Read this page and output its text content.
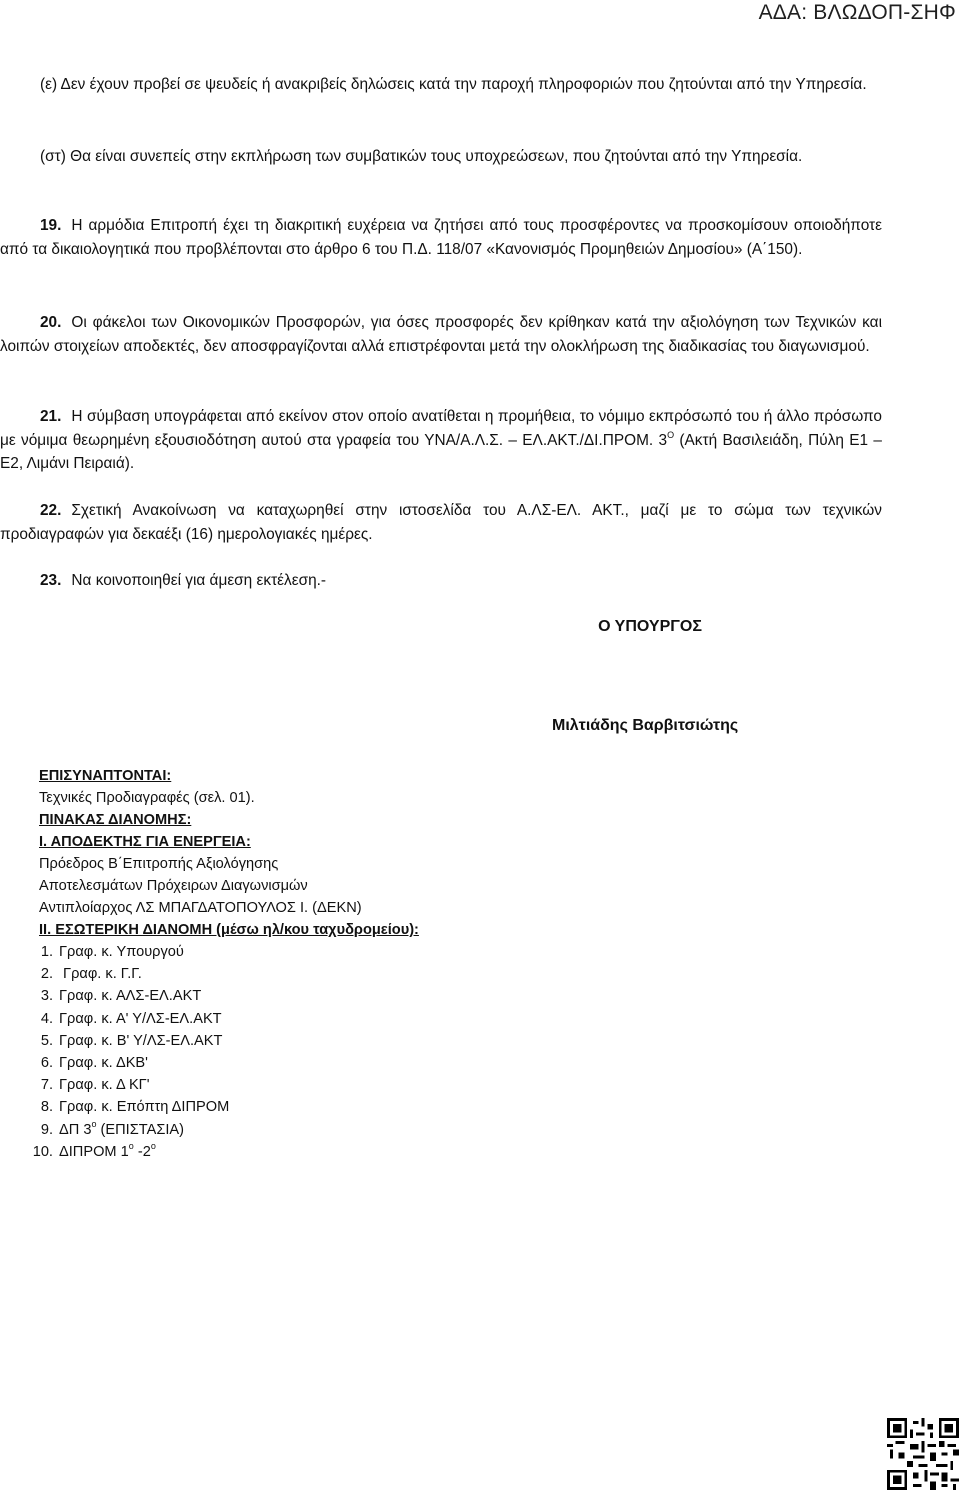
ΑΔΑ: ΒΛΩΔΟΠ-ΣΗΦ
(ε) Δεν έχουν προβεί σε ψευδείς ή ανακριβείς δηλώσεις κατά την παροχή πληροφοριών που ζητούνται από την Υπηρεσία.
(στ) Θα είναι συνεπείς στην εκπλήρωση των συμβατικών τους υποχρεώσεων, που ζητούνται από την Υπηρεσία.
19. Η αρμόδια Επιτροπή έχει τη διακριτική ευχέρεια να ζητήσει από τους προσφέροντες να προσκομίσουν οποιοδήποτε από τα δικαιολογητικά που προβλέπονται στο άρθρο 6 του Π.Δ. 118/07 «Κανονισμός Προμηθειών Δημοσίου» (Α΄150).
20. Οι φάκελοι των Οικονομικών Προσφορών, για όσες προσφορές δεν κρίθηκαν κατά την αξιολόγηση των Τεχνικών και λοιπών στοιχείων αποδεκτές, δεν αποσφραγίζονται αλλά επιστρέφονται μετά την ολοκλήρωση της διαδικασίας του διαγωνισμού.
21. Η σύμβαση υπογράφεται από εκείνον στον οποίο ανατίθεται η προμήθεια, το νόμιμο εκπρόσωπό του ή άλλο πρόσωπο με νόμιμα θεωρημένη εξουσιοδότηση αυτού στα γραφεία του ΥΝΑ/Α.Λ.Σ. – ΕΛ.ΑΚΤ./ΔΙ.ΠΡΟΜ. $3^O$ (Ακτή Βασιλειάδη, Πύλη Ε1 – Ε2, Λιμάνι Πειραιά).
22. Σχετική Ανακοίνωση να καταχωρηθεί στην ιστοσελίδα του Α.ΛΣ-ΕΛ. ΑΚΤ., μαζί με το σώμα των τεχνικών προδιαγραφών για δεκαέξι (16) ημερολογιακές ημέρες.
23. Να κοινοποιηθεί για άμεση εκτέλεση.-
Ο ΥΠΟΥΡΓΟΣ
Μιλτιάδης Βαρβιτσιώτης
ΕΠΙΣΥΝΑΠΤΟΝΤΑΙ:
Τεχνικές Προδιαγραφές (σελ. 01).
ΠΙΝΑΚΑΣ ΔΙΑΝΟΜΗΣ:
Ι. ΑΠΟΔΕΚΤΗΣ ΓΙΑ ΕΝΕΡΓΕΙΑ:
Πρόεδρος Β΄Επιτροπής Αξιολόγησης
Αποτελεσμάτων Πρόχειρων Διαγωνισμών
Αντιπλοίαρχος ΛΣ ΜΠΑΓΔΑΤΟΠΟΥΛΟΣ Ι. (ΔΕΚΝ)
ΙΙ. ΕΣΩΤΕΡΙΚΗ ΔΙΑΝΟΜΗ (μέσω ηλ/κου ταχυδρομείου):
1. Γραφ. κ. Υπουργού
2. Γραφ. κ. Γ.Γ.
3. Γραφ. κ. ΑΛΣ-ΕΛ.ΑΚΤ
4. Γραφ. κ. Α' Υ/ΛΣ-ΕΛ.ΑΚΤ
5. Γραφ. κ. Β' Υ/ΛΣ-ΕΛ.ΑΚΤ
6. Γραφ. κ. ΔΚΒ'
7. Γραφ. κ. Δ ΚΓ'
8. Γραφ. κ. Επόπτη ΔΙΠΡΟΜ
9. ΔΠ $3^o$ (ΕΠΙΣΤΑΣΙΑ)
10. ΔΙΠΡΟΜ $1^o$ $-2^o$
